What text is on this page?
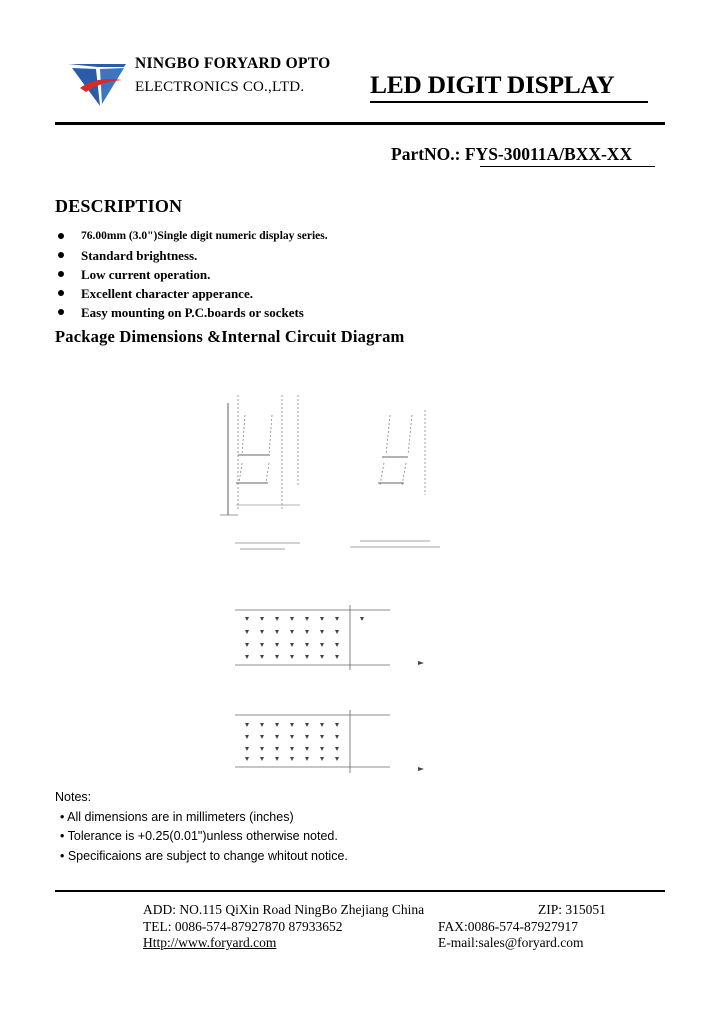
NINGBO FORYARD OPTO
ELECTRONICS CO.,LTD.	LED DIGIT DISPLAY
PartNO.: FYS-30011A/BXX-XX
DESCRIPTION
76.00mm (3.0")Single digit numeric display series.
Standard brightness.
Low current operation.
Excellent character apperance.
Easy mounting on P.C.boards or sockets
Package Dimensions &Internal Circuit Diagram
Notes:
• All dimensions are in millimeters (inches)
• Tolerance is +0.25(0.01")unless otherwise noted.
• Specificaions are subject to change whitout notice.
ADD: NO.115 QiXin Road NingBo Zhejiang China	ZIP: 315051
TEL: 0086-574-87927870 87933652	FAX:0086-574-87927917
Http://www.foryard.com	E-mail:sales@foryard.com
